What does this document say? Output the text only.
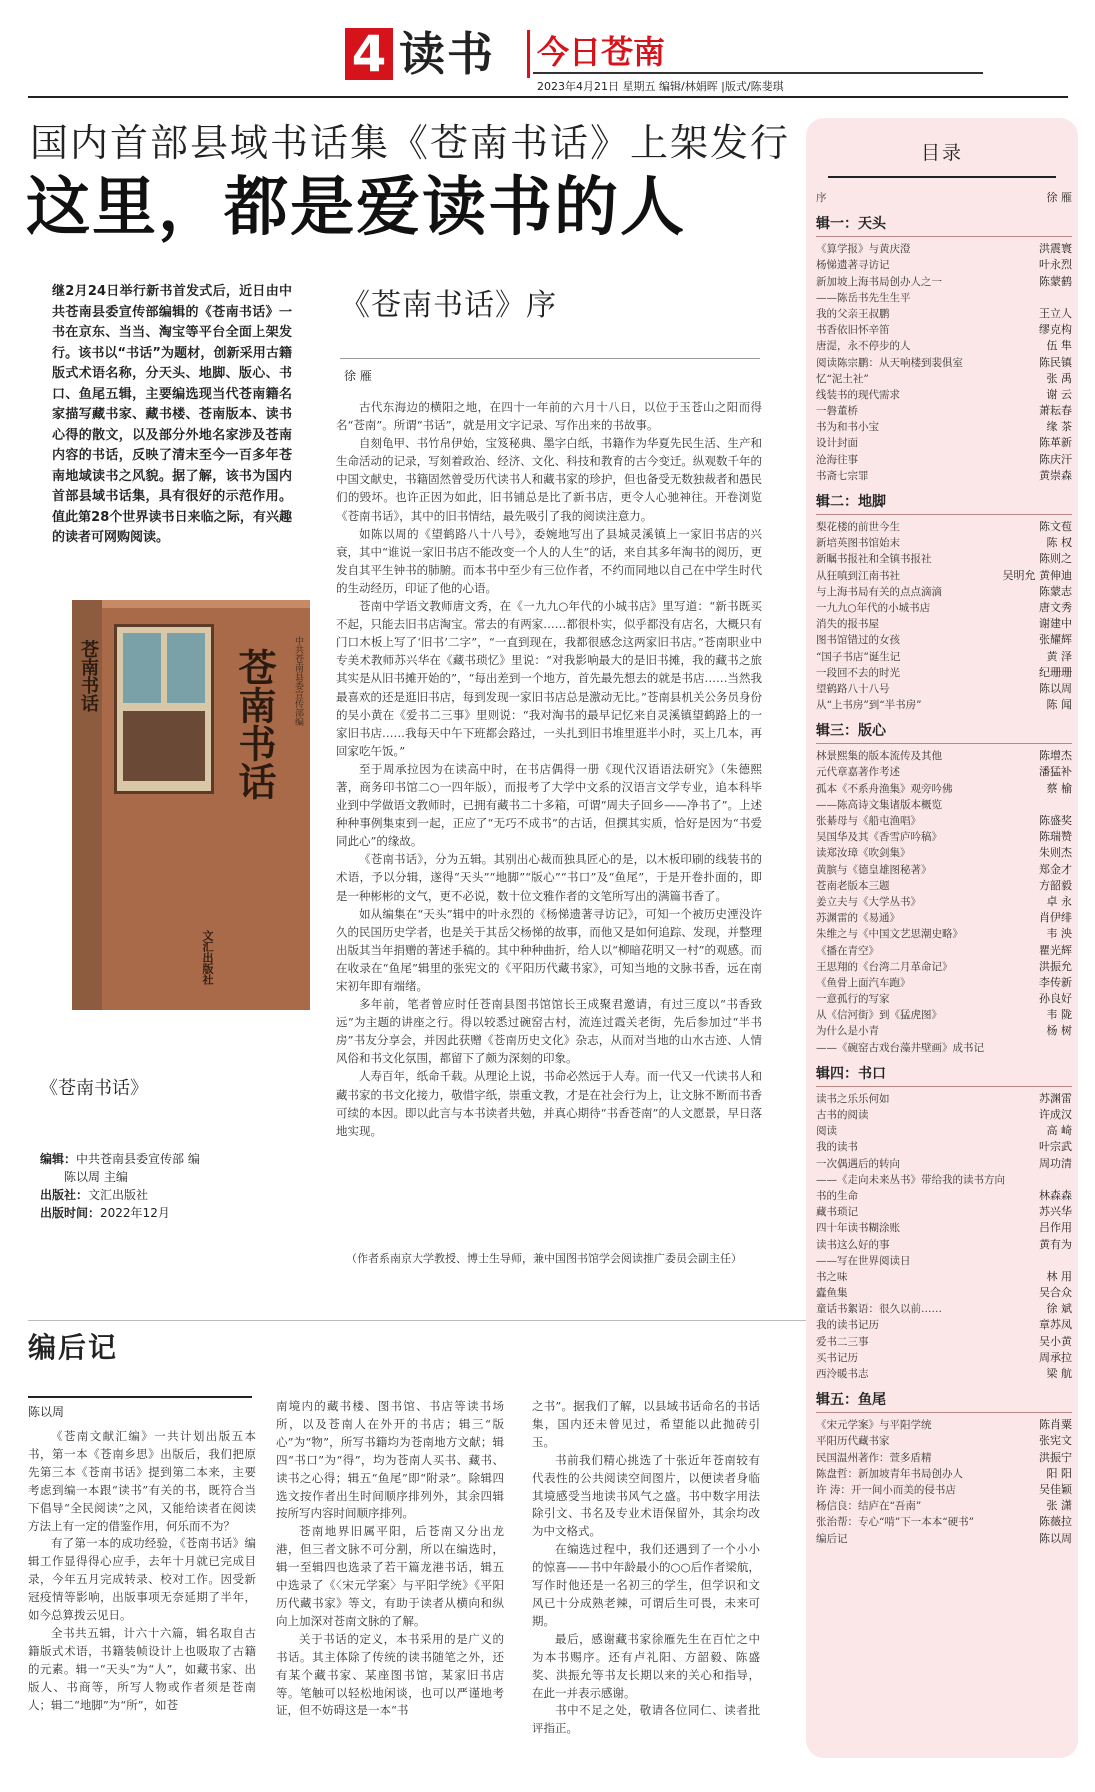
4 读书 今日苍南
2023年4月21日 星期五 编辑/林娟晖 |版式/陈斐琪
国内首部县域书话集《苍南书话》上架发行
这里，都是爱读书的人
继2月24日举行新书首发式后，近日由中共苍南县委宣传部编辑的《苍南书话》一书在京东、当当、淘宝等平台全面上架发行。该书以“书话”为题材，创新采用古籍版式术语名称，分天头、地脚、版心、书口、鱼尾五辑，主要编选现当代苍南籍名家描写藏书家、藏书楼、苍南版本、读书心得的散文，以及部分外地名家涉及苍南内容的书话，反映了清末至今一百多年苍南地域读书之风貌。据了解，该书为国内首部县域书话集，具有很好的示范作用。值此第28个世界读书日来临之际，有兴趣的读者可网购阅读。
苍南书话	苍南书话 中共苍南县委宣传部编
文汇出版社
《苍南书话》
编辑： 中共苍南县委宣传部 编
陈以周 主编
出版社： 文汇出版社
出版时间： 2022年12月
《苍南书话》序
徐 雁

古代东海边的横阳之地，在四十一年前的六月十八日，以位于玉苍山之阳而得名“苍南”。所谓“书话”，就是用文字记录、写作出来的书故事。

自刻龟甲、书竹帛伊始，宝笈秘典、墨字白纸，书籍作为华夏先民生活、生产和生命活动的记录，写刻着政治、经济、文化、科技和教育的古今变迁。纵观数千年的中国文献史，书籍固然曾受历代读书人和藏书家的珍护，但也备受无数独裁者和愚民们的毁坏。也许正因为如此，旧书铺总是比了新书店，更令人心驰神往。开卷浏览《苍南书话》，其中的旧书情结，最先吸引了我的阅读注意力。

如陈以周的《望鹤路八十八号》，委婉地写出了县城灵溪镇上一家旧书店的兴衰，其中“谁说一家旧书店不能改变一个人的人生”的话，来自其多年淘书的阅历，更发自其平生钟书的肺腑。而本书中至少有三位作者，不约而同地以自己在中学生时代的生动经历，印证了他的心语。

苍南中学语文教师唐文秀，在《一九九○年代的小城书店》里写道：“新书既买不起，只能去旧书店淘宝。常去的有两家……都很朴实，似乎都没有店名，大概只有门口木板上写了‘旧书’二字”，“一直到现在，我都很感念这两家旧书店。”苍南职业中专美术教师苏兴华在《藏书琐忆》里说：“对我影响最大的是旧书摊，我的藏书之旅其实是从旧书摊开始的”，“每出差到一个地方，首先最先想去的就是书店……当然我最喜欢的还是逛旧书店，每到发现一家旧书店总是激动无比。”苍南县机关公务员身份的吴小黄在《爱书二三事》里则说：“我对淘书的最早记忆来自灵溪镇望鹤路上的一家旧书店……我每天中午下班都会路过，一头扎到旧书堆里逛半小时，买上几本，再回家吃午饭。”

至于周承拉因为在读高中时，在书店偶得一册《现代汉语语法研究》（朱德熙著，商务印书馆二○一四年版），而报考了大学中文系的汉语言文学专业，追本科毕业到中学做语文教师时，已拥有藏书二十多箱，可谓“周夫子回乡——净书了”。上述种种事例集束到一起，正应了“无巧不成书”的古话，但撰其实质，恰好是因为“书爱同此心”的缘故。

《苍南书话》，分为五辑。其别出心裁而独具匠心的是，以木板印刷的线装书的术语，予以分辑，遂得“天头”“地脚”“版心”“书口”及“鱼尾”，于是开卷扑面的，即是一种彬彬的文气，更不必说，数十位文雅作者的文笔所写出的满篇书香了。

如从编集在“天头”辑中的叶永烈的《杨悌遗著寻访记》，可知一个被历史湮没许久的民国历史学者，也是关于其岳父杨悌的故事，而他又是如何追踪、发现，并整理出版其当年捐赠的著述手稿的。其中种种曲折，给人以“柳暗花明又一村”的观感。而在收录在“鱼尾”辑里的张宪文的《平阳历代藏书家》，可知当地的文脉书香，远在南宋初年即有端绪。

多年前，笔者曾应时任苍南县图书馆馆长王成聚君邀请，有过三度以“书香致远”为主题的讲座之行。得以较悉过碗窑古村，流连过霞关老街，先后参加过“半书房”书友分享会，并因此获赠《苍南历史文化》杂志，从而对当地的山水古迹、人情风俗和书文化氛围，都留下了颇为深刻的印象。

人寿百年，纸命千载。从理论上说，书命必然远于人寿。而一代又一代读书人和藏书家的书文化接力，敬惜字纸，崇重文教，才是在社会行为上，让文脉不断而书香可续的本因。即以此言与本书读者共勉，并真心期待“书香苍南”的人文愿景，早日落地实现。

（作者系南京大学教授、博士生导师，兼中国图书馆学会阅读推广委员会副主任）
编后记
陈以周

《苍南文献汇编》一共计划出版五本书，第一本《苍南乡思》出版后，我们把原先第三本《苍南书话》提到第二本来，主要考虑到编一本跟“读书”有关的书，既符合当下倡导“全民阅读”之风，又能给读者在阅读方法上有一定的借鉴作用，何乐而不为？

有了第一本的成功经验，《苍南书话》编辑工作显得得心应手，去年十月就已完成目录，今年五月完成转录、校对工作。因受新冠疫情等影响，出版事项无奈延期了半年，如今总算拨云见日。

全书共五辑，计六十六篇，辑名取自古籍版式术语，书籍装帧设计上也吸取了古籍的元素。辑一“天头”为“人”，如藏书家、出版人、书商等，所写人物或作者须是苍南人；辑二“地脚”为“所”，如苍

南境内的藏书楼、图书馆、书店等读书场所，以及苍南人在外开的书店；辑三“版心”为“物”，所写书籍均为苍南地方文献；辑四“书口”为“得”，均为苍南人买书、藏书、读书之心得；辑五“鱼尾”即“附录”。除辑四选文按作者出生时间顺序排列外，其余四辑按所写内容时间顺序排列。

苍南地界旧属平阳，后苍南又分出龙港，但三者文脉不可分割，所以在编选时，辑一至辑四也选录了若干篇龙港书话，辑五中选录了《〈宋元学案〉与平阳学统》《平阳历代藏书家》等文，有助于读者从横向和纵向上加深对苍南文脉的了解。

关于书话的定义，本书采用的是广义的书话。其主体除了传统的读书随笔之外，还有某个藏书家、某座图书馆，某家旧书店等。笔触可以轻松地闲谈，也可以严谨地考证，但不妨碍这是一本“书

之书”。据我们了解，以县域书话命名的书话集，国内还未曾见过，希望能以此抛砖引玉。

书前我们精心挑选了十张近年苍南较有代表性的公共阅读空间图片，以便读者身临其境感受当地读书风气之盛。书中数字用法除引文、书名及专业术语保留外，其余均改为中文格式。

在编选过程中，我们还遇到了一个小小的惊喜——书中年龄最小的○○后作者梁航，写作时他还是一名初三的学生，但学识和文风已十分成熟老辣，可谓后生可畏，未来可期。

最后，感谢藏书家徐雁先生在百忙之中为本书赐序。还有卢礼阳、方韶毅、陈盛奖、洪振允等书友长期以来的关心和指导，在此一并表示感谢。

书中不足之处，敬请各位同仁、读者批评指正。

目录
序	徐 雁
辑一：天头
《算学报》与黄庆澄	洪震寰
杨悌遗著寻访记	叶永烈
新加坡上海书局创办人之一	陈蒙鹤
——陈岳书先生生平
我的父亲王叔鹏	王立人
书香依旧怀辛笛	缪克构
唐湜，永不停步的人	伍 隼
阅读陈宗鹏：从天响楼到裴俱室	陈民镇
忆“泥土社”	张 禹
线装书的现代需求	谢 云
一磐董桥	萧耘春
书为和书小宝	缘 茶
设计封面	陈革新
沧海往事	陈庆汗
书斋七宗罪	黄崇森
辑二：地脚
梨花楼的前世今生	陈文苞
新培英图书馆始末	陈 权
新瞩书报社和全镇书报社	陈则之
从狂嗔到江南书社	吴明允 黄伸迪
与上海书局有关的点点滴滴	陈蒙志
一九九○年代的小城书店	唐文秀
消失的报书屋	谢建中
图书馆错过的女孩	张耀辉
“国子书店”诞生记	黄 泽
一段回不去的时光	纪珊珊
望鹤路八十八号	陈以周
从“上书房”到“半书房”	陈 闻
辑三：版心
林景熙集的版本流传及其他	陈增杰
元代章嘉著作考述	潘猛补
孤本《不系舟渔集》观旁吟佛	蔡 榆
——陈高诗文集诸版本概览
张綦母与《船屯渔唱》	陈盛奖
吴国华及其《香雪庐吟稿》	陈瑞赞
读郑汝璋《吹剑集》	朱则杰
黄膑与《德皇雄图秘著》	郑金才
苍南老版本三题	方韶毅
姜立夫与《大学丛书》	卓 永
苏渊雷的《易通》	肖伊绯
朱维之与《中国文艺思潮史略》	韦 泱
《播在青空》	瞿光辉
王思翔的《台湾二月革命记》	洪振允
《鱼骨上面汽车跑》	李传新
一意孤行的写家	孙良好
从《信河街》到《猛虎图》	韦 陇
为什么是小青	杨 树
——《碗窑古戏台藻井壁画》成书记
辑四：书口
读书之乐乐何如	苏渊雷
古书的阅读	许成汉
阅读	高 崎
我的读书	叶宗武
一次偶遇后的转向	周功清
——《走向未来丛书》带给我的读书方向
书的生命	林森森
藏书琐记	苏兴华
四十年读书糊涂账	吕作用
读书这么好的事	黄有为
——写在世界阅读日
书之味	林 用
蠹鱼集	吴合众
童话书絮语：很久以前……	徐 斌
我的读书记历	章苏凤
爱书二三事	吴小黄
买书记历	周承拉
西泠暖书志	梁 航
辑五：鱼尾
《宋元学案》与平阳学统	陈肖粟
平阳历代藏书家	张宪文
民国温州著作：萱多盾精	洪振宁
陈盘哲：新加坡青年书局创办人	阳 阳
许 涛：开一间小而美的侵书店	吴佳颖
杨信良：结庐在“吾南”	张 潇
张治帮：专心“啃”下一本本“硬书”	陈薇拉
编后记	陈以周
